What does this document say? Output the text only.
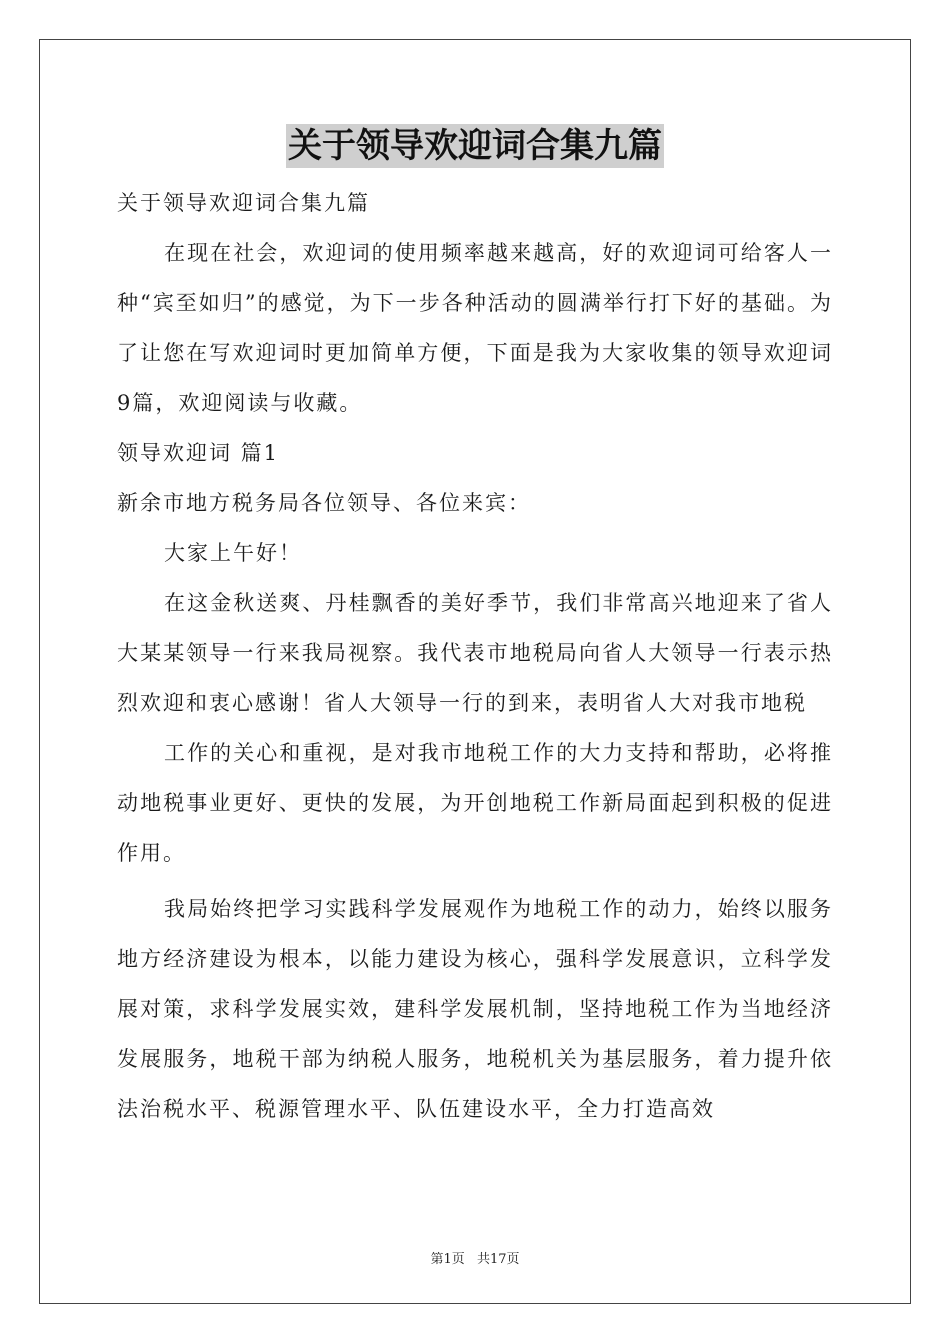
关于领导欢迎词合集九篇

关于领导欢迎词合集九篇

在现在社会，欢迎词的使用频率越来越高，好的欢迎词可给客人一种“宾至如归”的感觉，为下一步各种活动的圆满举行打下好的基础。为了让您在写欢迎词时更加简单方便，下面是我为大家收集的领导欢迎词9篇，欢迎阅读与收藏。

领导欢迎词 篇1

新余市地方税务局各位领导、各位来宾：

大家上午好！

在这金秋送爽、丹桂飘香的美好季节，我们非常高兴地迎来了省人大某某领导一行来我局视察。我代表市地税局向省人大领导一行表示热烈欢迎和衷心感谢！省人大领导一行的到来，表明省人大对我市地税

工作的关心和重视，是对我市地税工作的大力支持和帮助，必将推动地税事业更好、更快的发展，为开创地税工作新局面起到积极的促进作用。

我局始终把学习实践科学发展观作为地税工作的动力，始终以服务地方经济建设为根本，以能力建设为核心，强科学发展意识，立科学发展对策，求科学发展实效，建科学发展机制，坚持地税工作为当地经济发展服务，地税干部为纳税人服务，地税机关为基层服务，着力提升依法治税水平、税源管理水平、队伍建设水平，全力打造高效

第1页 共17页
